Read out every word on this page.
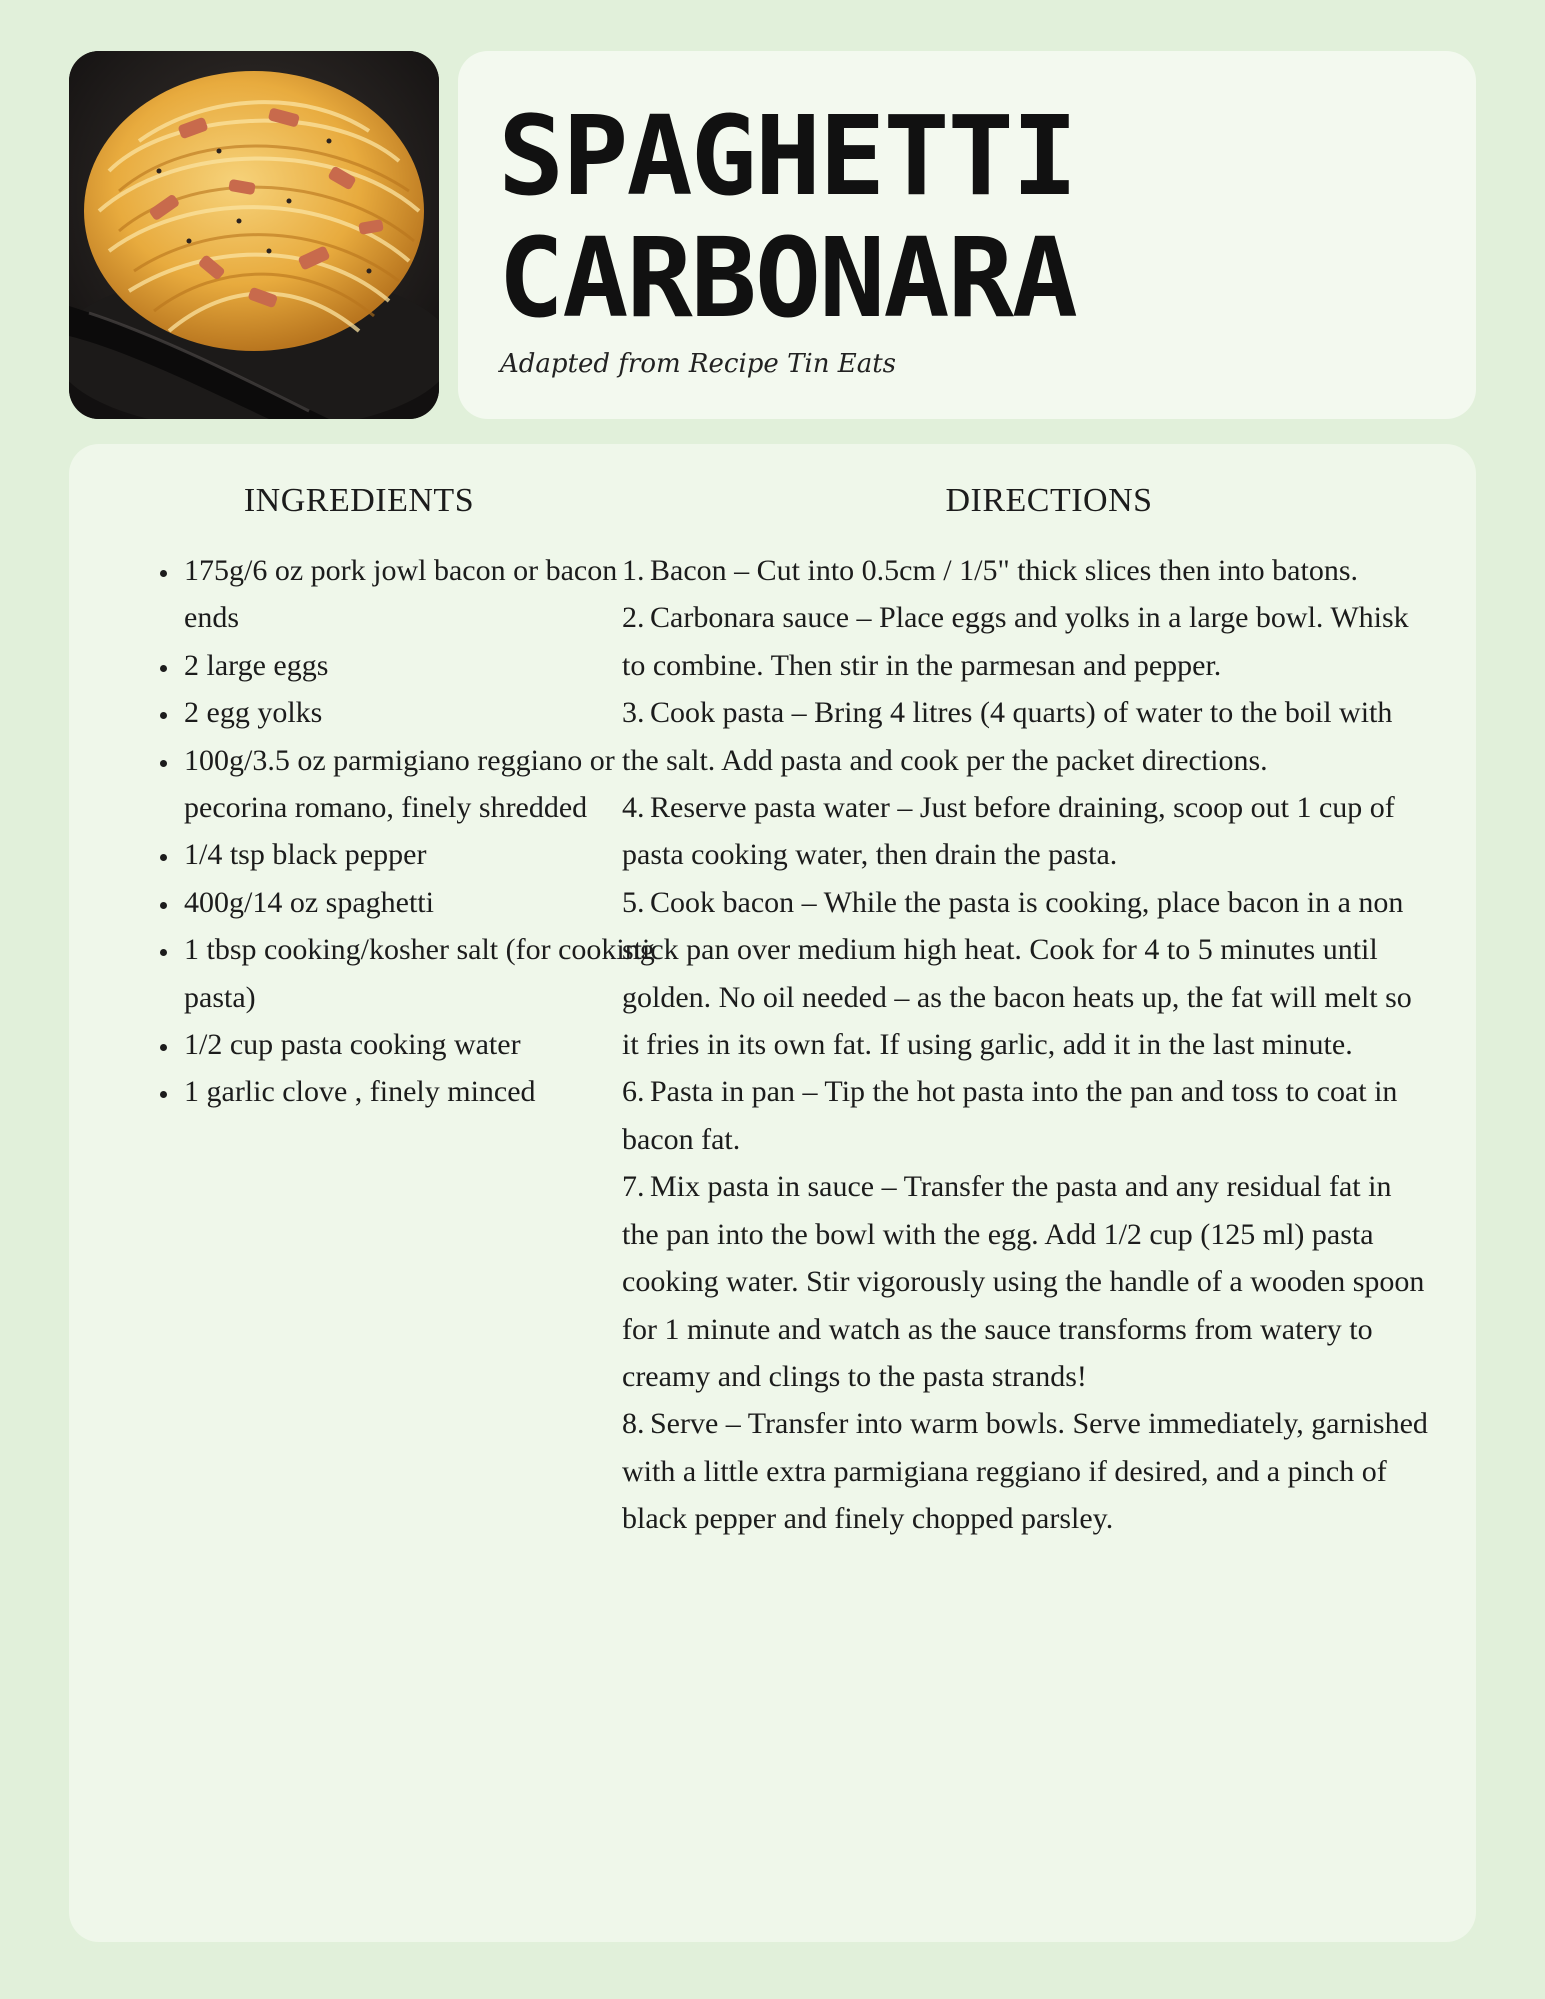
SPAGHETTI
CARBONARA

Adapted from Recipe Tin Eats

INGREDIENTS	DIRECTIONS
• 175g/6 oz pork jowl bacon or bacon ends
• 2 large eggs
• 2 egg yolks
• 100g/3.5 oz parmigiano reggiano or pecorina romano, finely shredded
• 1/4 tsp black pepper
• 400g/14 oz spaghetti
• 1 tbsp cooking/kosher salt (for cooking pasta)
• 1/2 cup pasta cooking water
• 1 garlic clove , finely minced
1. Bacon – Cut into 0.5cm / 1/5" thick slices then into batons.
2. Carbonara sauce – Place eggs and yolks in a large bowl. Whisk to combine. Then stir in the parmesan and pepper.
3. Cook pasta – Bring 4 litres (4 quarts) of water to the boil with the salt. Add pasta and cook per the packet directions.
4. Reserve pasta water – Just before draining, scoop out 1 cup of pasta cooking water, then drain the pasta.
5. Cook bacon – While the pasta is cooking, place bacon in a non stick pan over medium high heat. Cook for 4 to 5 minutes until golden. No oil needed – as the bacon heats up, the fat will melt so it fries in its own fat. If using garlic, add it in the last minute.
6. Pasta in pan – Tip the hot pasta into the pan and toss to coat in bacon fat.
7. Mix pasta in sauce – Transfer the pasta and any residual fat in the pan into the bowl with the egg. Add 1/2 cup (125 ml) pasta cooking water. Stir vigorously using the handle of a wooden spoon for 1 minute and watch as the sauce transforms from watery to creamy and clings to the pasta strands!
8. Serve – Transfer into warm bowls. Serve immediately, garnished with a little extra parmigiana reggiano if desired, and a pinch of black pepper and finely chopped parsley.
